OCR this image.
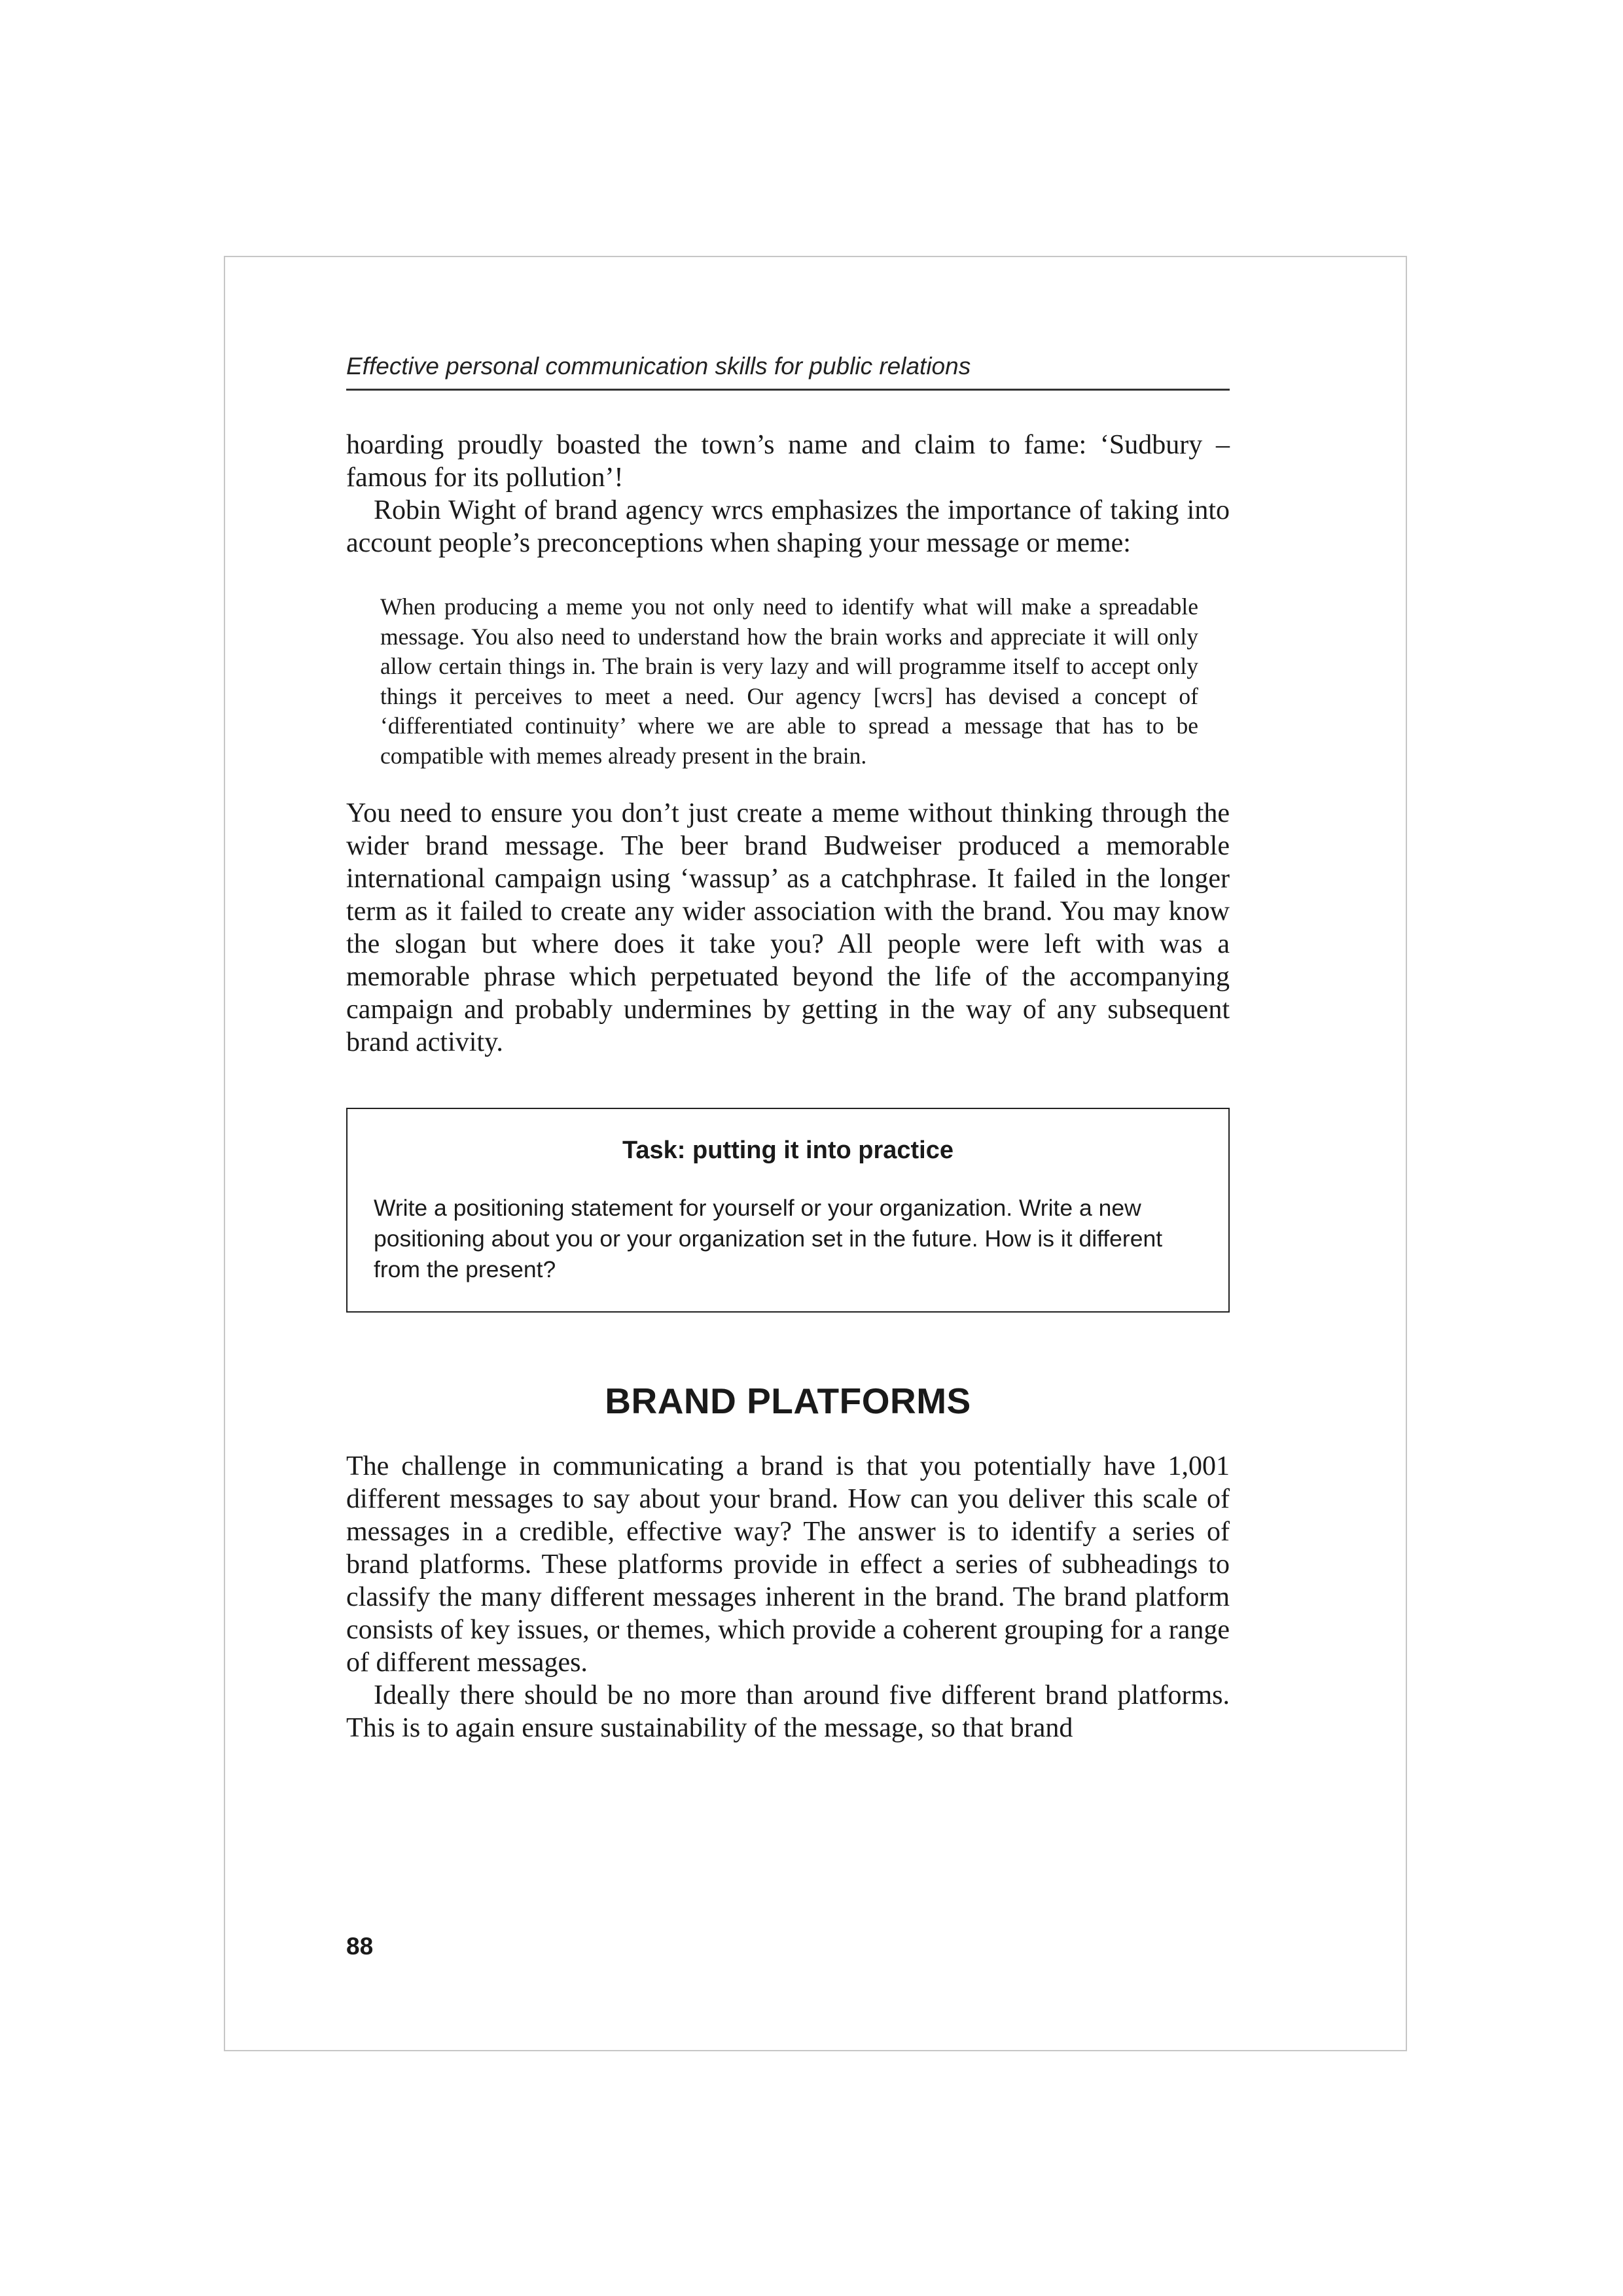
Effective personal communication skills for public relations

hoarding proudly boasted the town’s name and claim to fame: ‘Sudbury – famous for its pollution’!

Robin Wight of brand agency wrcs emphasizes the importance of taking into account people’s preconceptions when shaping your message or meme:

When producing a meme you not only need to identify what will make a spreadable message. You also need to understand how the brain works and appreciate it will only allow certain things in. The brain is very lazy and will programme itself to accept only things it perceives to meet a need. Our agency [wcrs] has devised a concept of ‘differentiated continuity’ where we are able to spread a message that has to be compatible with memes already present in the brain.

You need to ensure you don’t just create a meme without thinking through the wider brand message. The beer brand Budweiser produced a memorable international campaign using ‘wassup’ as a catchphrase. It failed in the longer term as it failed to create any wider association with the brand. You may know the slogan but where does it take you? All people were left with was a memorable phrase which perpetuated beyond the life of the accompanying campaign and probably undermines by getting in the way of any subsequent brand activity.

Task: putting it into practice

Write a positioning statement for yourself or your organization. Write a new positioning about you or your organization set in the future. How is it different from the present?

BRAND PLATFORMS

The challenge in communicating a brand is that you potentially have 1,001 different messages to say about your brand. How can you deliver this scale of messages in a credible, effective way? The answer is to identify a series of brand platforms. These platforms provide in effect a series of subheadings to classify the many different messages inherent in the brand. The brand platform consists of key issues, or themes, which provide a coherent grouping for a range of different messages.

Ideally there should be no more than around five different brand platforms. This is to again ensure sustainability of the message, so that brand

88
